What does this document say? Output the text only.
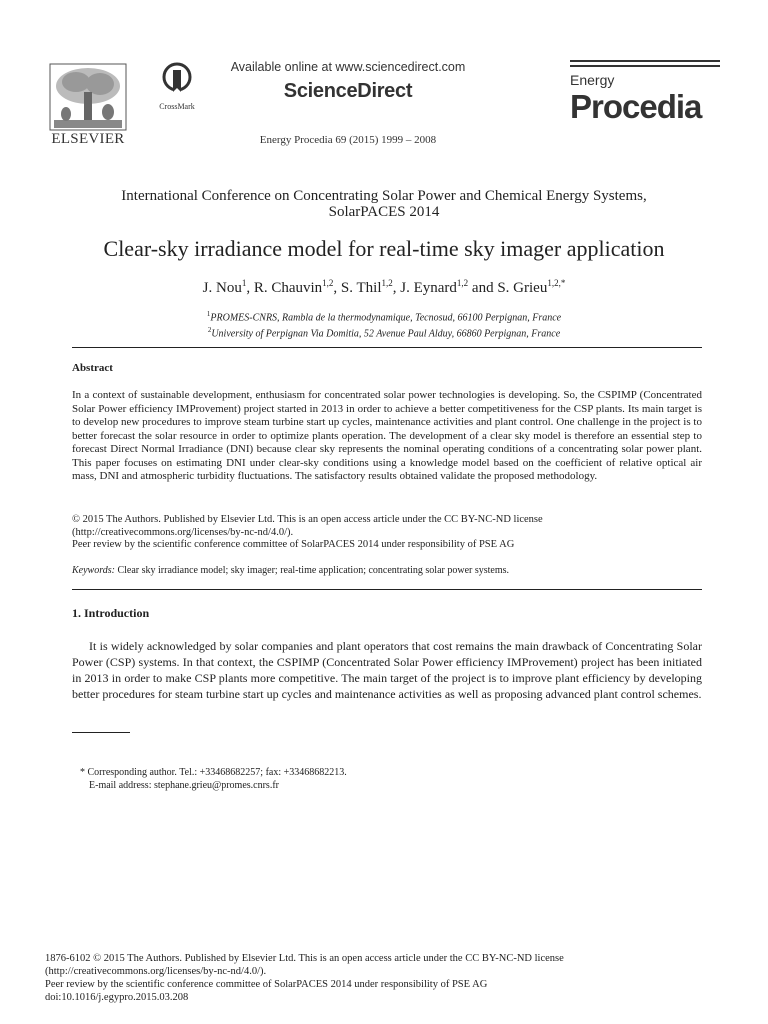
ELSEVIER
CrossMark
Available online at www.sciencedirect.com
ScienceDirect
Energy Procedia 69 (2015) 1999 – 2008
Energy
Procedia
International Conference on Concentrating Solar Power and Chemical Energy Systems,
SolarPACES 2014
Clear-sky irradiance model for real-time sky imager application
J. Nou$^1$, R. Chauvin$^{1,2}$, S. Thil$^{1,2}$, J. Eynard$^{1,2}$ and S. Grieu$^{1,2,*}$
$^1$PROMES-CNRS, Rambla de la thermodynamique, Tecnosud, 66100 Perpignan, France
$^2$University of Perpignan Via Domitia, 52 Avenue Paul Alduy, 66860 Perpignan, France
Abstract
In a context of sustainable development, enthusiasm for concentrated solar power technologies is developing. So, the CSPIMP (Concentrated Solar Power efficiency IMProvement) project started in 2013 in order to achieve a better competitiveness for the CSP plants. Its main target is to develop new procedures to improve steam turbine start up cycles, maintenance activities and plant control. One challenge in the project is to better forecast the solar resource in order to optimize plants operation. The development of a clear sky model is therefore an essential step to forecast Direct Normal Irradiance (DNI) because clear sky represents the nominal operating conditions of a concentrating solar power plant. This paper focuses on estimating DNI under clear-sky conditions using a knowledge model based on the coefficient of relative optical air mass, DNI and atmospheric turbidity fluctuations. The satisfactory results obtained validate the proposed methodology.
© 2015 The Authors. Published by Elsevier Ltd. This is an open access article under the CC BY-NC-ND license
(http://creativecommons.org/licenses/by-nc-nd/4.0/).
Peer review by the scientific conference committee of SolarPACES 2014 under responsibility of PSE AG
Keywords: Clear sky irradiance model; sky imager; real-time application; concentrating solar power systems.
1. Introduction
It is widely acknowledged by solar companies and plant operators that cost remains the main drawback of Concentrating Solar Power (CSP) systems. In that context, the CSPIMP (Concentrated Solar Power efficiency IMProvement) project has been initiated in 2013 in order to make CSP plants more competitive. The main target of the project is to improve plant efficiency by developing better procedures for steam turbine start up cycles and maintenance activities as well as proposing advanced plant control schemes.
* Corresponding author. Tel.: +33468682257; fax: +33468682213.
E-mail address: stephane.grieu@promes.cnrs.fr
1876-6102 © 2015 The Authors. Published by Elsevier Ltd. This is an open access article under the CC BY-NC-ND license
(http://creativecommons.org/licenses/by-nc-nd/4.0/).
Peer review by the scientific conference committee of SolarPACES 2014 under responsibility of PSE AG
doi:10.1016/j.egypro.2015.03.208
